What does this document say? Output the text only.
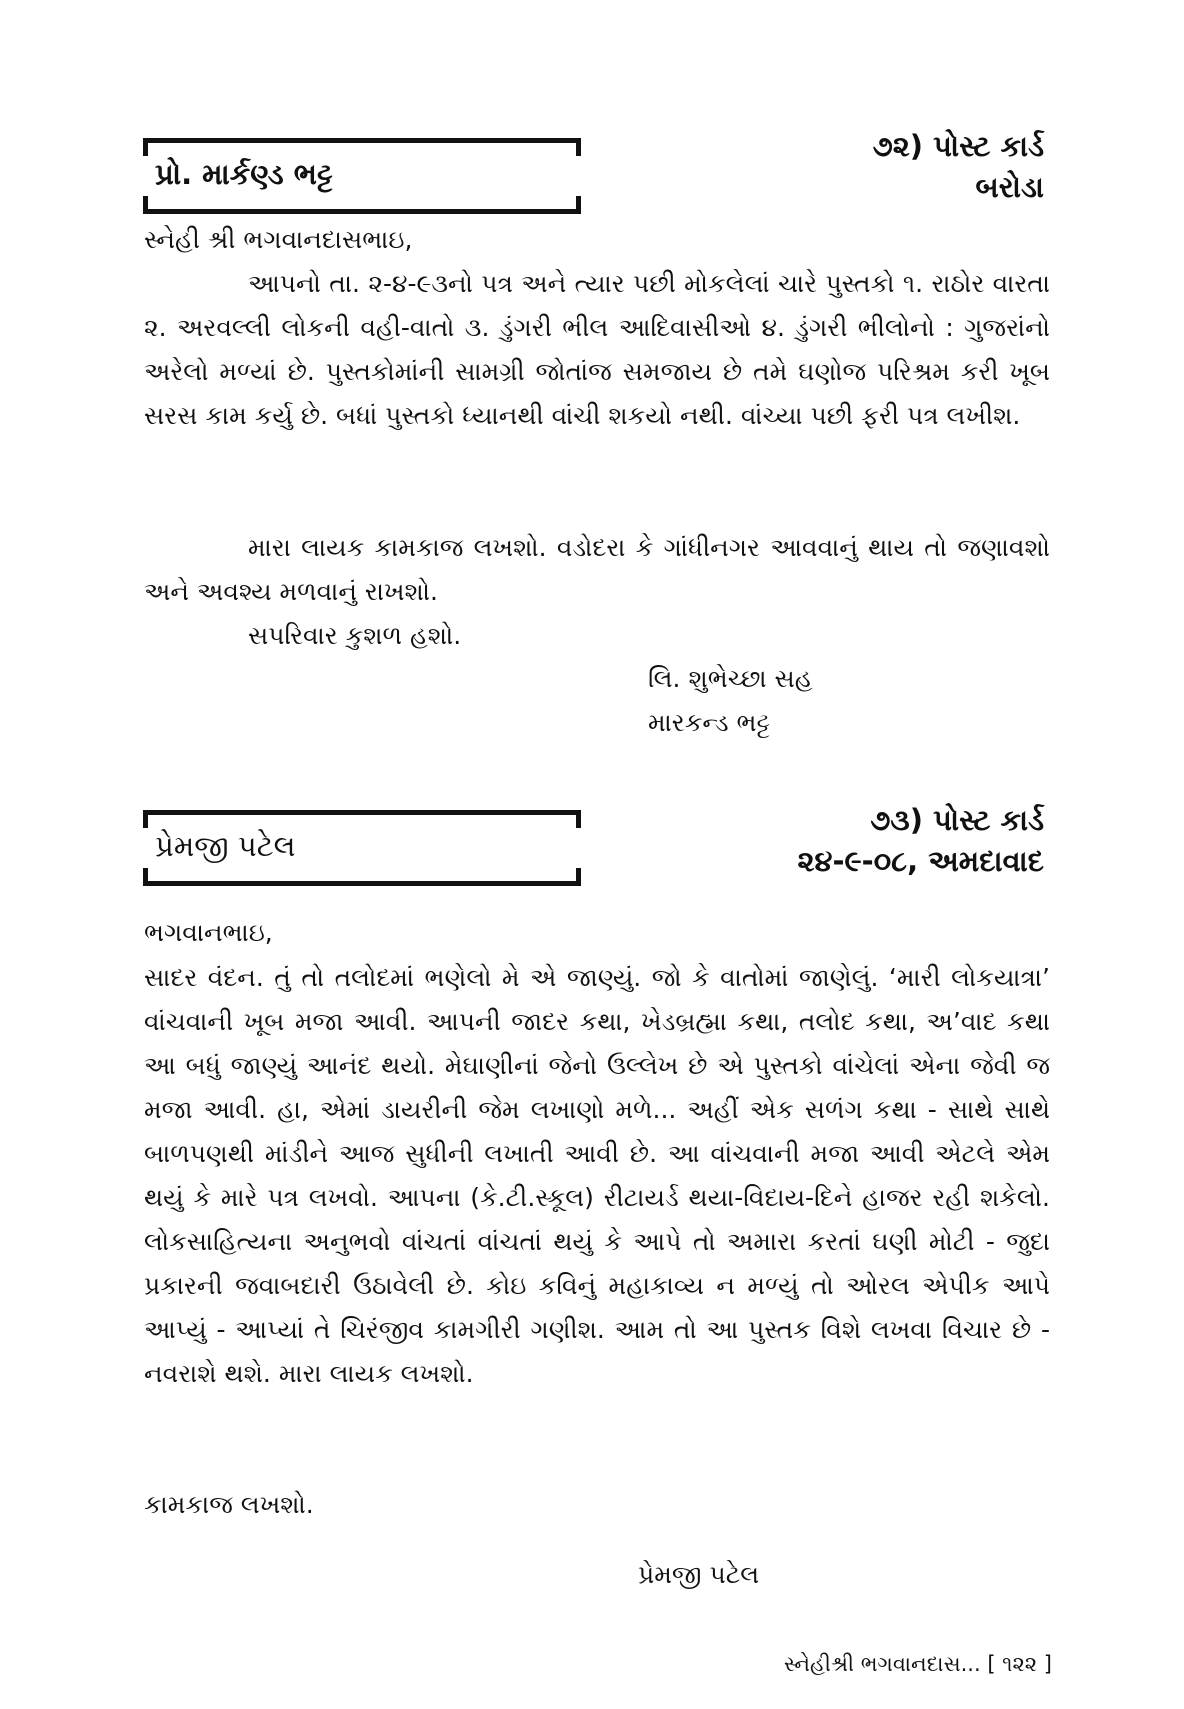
પ્રો. માર્કણ્ડ ભટ્ટ
૭૨) પોસ્ટ કાર્ડ
બરોડા
સ્નેહી શ્રી ભગવાનદાસભાઇ,

આપનો તા. ૨-૪-૯૩નો પત્ર અને ત્યાર પછી મોકલેલાં ચારે પુસ્તકો ૧. રાઠોર વારતા ૨. અરવલ્લી લોકની વહી-વાતો ૩. ડુંગરી ભીલ આદિવાસીઓ ૪. ડુંગરી ભીલોનો : ગુજરાંનો અરેલો મળ્યાં છે. પુસ્તકોમાંની સામગ્રી જોતાંજ સમજાય છે તમે ઘણોજ પરિશ્રમ કરી ખૂબ સરસ કામ કર્યુ છે. બધાં પુસ્તકો ધ્યાનથી વાંચી શકયો નથી. વાંચ્યા પછી ફરી પત્ર લખીશ.

મારા લાયક કામકાજ લખશો. વડોદરા કે ગાંધીનગર આવવાનું થાય તો જણાવશો અને અવશ્ય મળવાનું રાખશો.

સપરિવાર કુશળ હશો.

લિ. શુભેચ્છા સહ
મારકન્ડ ભટ્ટ
પ્રેમજી પટેલ
૭૩) પોસ્ટ કાર્ડ
૨૪-૯-૦૮, અમદાવાદ
ભગવાનભાઇ,

સાદર વંદન. તું તો તલોદમાં ભણેલો મે એ જાણ્યું. જો કે વાતોમાં જાણેલું. ‘મારી લોકયાત્રા’ વાંચવાની ખૂબ મજા આવી. આપની જાદર કથા, ખેડબ્રહ્મા કથા, તલોદ કથા, અ’વાદ કથા આ બધું જાણ્યું આનંદ થયો. મેઘાણીનાં જેનો ઉલ્લેખ છે એ પુસ્તકો વાંચેલાં એના જેવી જ મજા આવી. હા, એમાં ડાયરીની જેમ લખાણો મળે... અહીં એક સળંગ કથા - સાથે સાથે બાળપણથી માંડીને આજ સુધીની લખાતી આવી છે. આ વાંચવાની મજા આવી એટલે એમ થયું કે મારે પત્ર લખવો. આપના (કે.ટી.સ્કૂલ) રીટાયર્ડ થયા-વિદાય-દિને હાજર રહી શકેલો. લોકસાહિત્યના અનુભવો વાંચતાં વાંચતાં થયું કે આપે તો અમારા કરતાં ઘણી મોટી - જુદા પ્રકારની જવાબદારી ઉઠાવેલી છે. કોઇ કવિનું મહાકાવ્ય ન મળ્યું તો ઓરલ એપીક આપે આપ્યું - આપ્યાં તે ચિરંજીવ કામગીરી ગણીશ. આમ તો આ પુસ્તક વિશે લખવા વિચાર છે - નવરાશે થશે. મારા લાયક લખશો.

કામકાજ લખશો.

પ્રેમજી પટેલ
સ્નેહીશ્રી ભગવાનદાસ... [ ૧૨૨ ]
